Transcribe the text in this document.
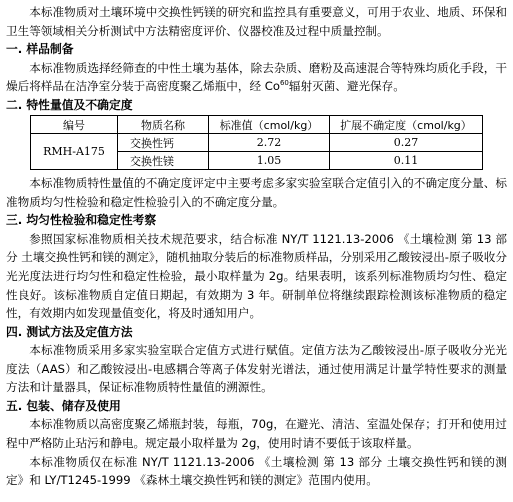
本标准物质对土壤环境中交换性钙镁的研究和监控具有重要意义，可用于农业、地质、环保和卫生等领域相关分析测试中方法精密度评价、仪器校准及过程中质量控制。

一. 样品制备

本标准物质选择经筛查的中性土壤为基体，除去杂质、磨粉及高速混合等特殊均质化手段，干燥后将样品在洁净室分装于高密度聚乙烯瓶中，经 Co$^{60}$辐射灭菌、避光保存。

二. 特性量值及不确定度
编号	物质名称	标准值（cmol/kg）	扩展不确定度（cmol/kg）
RMH-A175	交换性钙	2.72	0.27
	交换性镁	1.05	0.11

本标准物质特性量值的不确定度评定中主要考虑多家实验室联合定值引入的不确定度分量、标准物质均匀性检验和稳定性检验引入的不确定度分量。

三. 均匀性检验和稳定性考察

参照国家标准物质相关技术规范要求，结合标准 NY/T 1121.13-2006 《土壤检测 第 13 部分 土壤交换性钙和镁的测定》，随机抽取分装后的标准物质样品，分别采用乙酸铵浸出-原子吸收分光光度法进行均匀性和稳定性检验，最小取样量为 2g。结果表明，该系列标准物质均匀性、稳定性良好。该标准物质自定值日期起，有效期为 3 年。研制单位将继续跟踪检测该标准物质的稳定性，有效期内如发现量值变化，将及时通知用户。

四. 测试方法及定值方法

本标准物质采用多家实验室联合定值方式进行赋值。定值方法为乙酸铵浸出-原子吸收分光光度法（AAS）和乙酸铵浸出-电感耦合等离子体发射光谱法，通过使用满足计量学特性要求的测量方法和计量器具，保证标准物质特性量值的溯源性。

五. 包装、储存及使用

本标准物质以高密度聚乙烯瓶封装，每瓶，70g，在避光、清洁、室温处保存；打开和使用过程中严格防止玷污和静电。规定最小取样量为 2g，使用时请不要低于该取样量。

本标准物质仅在标准 NY/T 1121.13-2006 《土壤检测 第 13 部分 土壤交换性钙和镁的测定》和 LY/T1245-1999 《森林土壤交换性钙和镁的测定》范围内使用。
